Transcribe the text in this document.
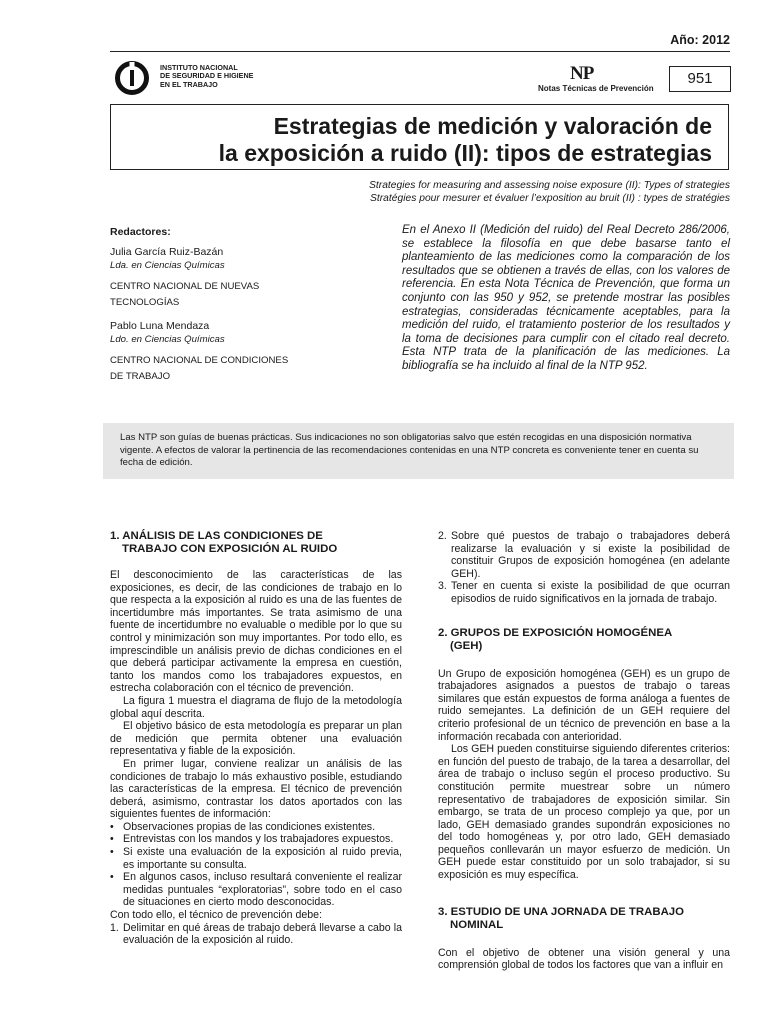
Año: 2012
INSTITUTO NACIONAL
DE SEGURIDAD E HIGIENE
EN EL TRABAJO
NP
Notas Técnicas de Prevención
951
Estrategias de medición y valoración de
la exposición a ruido (II): tipos de estrategias
Strategies for measuring and assessing noise exposure (II): Types of strategies
Stratégies pour mesurer et évaluer l’exposition au bruit (II) : types de stratégies
Redactores:
Julia García Ruiz-Bazán
Lda. en Ciencias Químicas
CENTRO NACIONAL DE NUEVAS
TECNOLOGÍAS
Pablo Luna Mendaza
Ldo. en Ciencias Químicas
CENTRO NACIONAL DE CONDICIONES
DE TRABAJO
En el Anexo II (Medición del ruido) del Real Decreto 286/2006, se establece la filosofía en que debe basarse tanto el planteamiento de las mediciones como la comparación de los resultados que se obtienen a través de ellas, con los valores de referencia. En esta Nota Técnica de Prevención, que forma un conjunto con las 950 y 952, se pretende mostrar las posibles estrategias, consideradas técnicamente aceptables, para la medición del ruido, el tratamiento posterior de los resultados y la toma de decisiones para cumplir con el citado real decreto. Esta NTP trata de la planificación de las mediciones. La bibliografía se ha incluido al final de la NTP 952.
Las NTP son guías de buenas prácticas. Sus indicaciones no son obligatorias salvo que estén recogidas en una disposición normativa vigente. A efectos de valorar la pertinencia de las recomendaciones contenidas en una NTP concreta es conveniente tener en cuenta su fecha de edición.
1. ANÁLISIS DE LAS CONDICIONES DE
TRABAJO CON EXPOSICIÓN AL RUIDO

El desconocimiento de las características de las exposiciones, es decir, de las condiciones de trabajo en lo que respecta a la exposición al ruido es una de las fuentes de incertidumbre más importantes. Se trata asimismo de una fuente de incertidumbre no evaluable o medible por lo que su control y minimización son muy importantes. Por todo ello, es imprescindible un análisis previo de dichas condiciones en el que deberá participar activamente la empresa en cuestión, tanto los mandos como los trabajadores expuestos, en estrecha colaboración con el técnico de prevención.

La figura 1 muestra el diagrama de flujo de la metodología global aquí descrita.

El objetivo básico de esta metodología es preparar un plan de medición que permita obtener una evaluación representativa y fiable de la exposición.

En primer lugar, conviene realizar un análisis de las condiciones de trabajo lo más exhaustivo posible, estudiando las características de la empresa. El técnico de prevención deberá, asimismo, contrastar los datos aportados con las siguientes fuentes de información:

• Observaciones propias de las condiciones existentes.

• Entrevistas con los mandos y los trabajadores expuestos.

• Si existe una evaluación de la exposición al ruido previa, es importante su consulta.

• En algunos casos, incluso resultará conveniente el realizar medidas puntuales “exploratorias”, sobre todo en el caso de situaciones en cierto modo desconocidas.

Con todo ello, el técnico de prevención debe:

1. Delimitar en qué áreas de trabajo deberá llevarse a cabo la evaluación de la exposición al ruido.

2. Sobre qué puestos de trabajo o trabajadores deberá realizarse la evaluación y si existe la posibilidad de constituir Grupos de exposición homogénea (en adelante GEH).

3. Tener en cuenta si existe la posibilidad de que ocurran episodios de ruido significativos en la jornada de trabajo.

2. GRUPOS DE EXPOSICIÓN HOMOGÉNEA
(GEH)

Un Grupo de exposición homogénea (GEH) es un grupo de trabajadores asignados a puestos de trabajo o tareas similares que están expuestos de forma análoga a fuentes de ruido semejantes. La definición de un GEH requiere del criterio profesional de un técnico de prevención en base a la información recabada con anterioridad.

Los GEH pueden constituirse siguiendo diferentes criterios: en función del puesto de trabajo, de la tarea a desarrollar, del área de trabajo o incluso según el proceso productivo. Su constitución permite muestrear sobre un número representativo de trabajadores de exposición similar. Sin embargo, se trata de un proceso complejo ya que, por un lado, GEH demasiado grandes supondrán exposiciones no del todo homogéneas y, por otro lado, GEH demasiado pequeños conllevarán un mayor esfuerzo de medición. Un GEH puede estar constituido por un solo trabajador, si su exposición es muy específica.

3. ESTUDIO DE UNA JORNADA DE TRABAJO
NOMINAL

Con el objetivo de obtener una visión general y una comprensión global de todos los factores que van a influir en
